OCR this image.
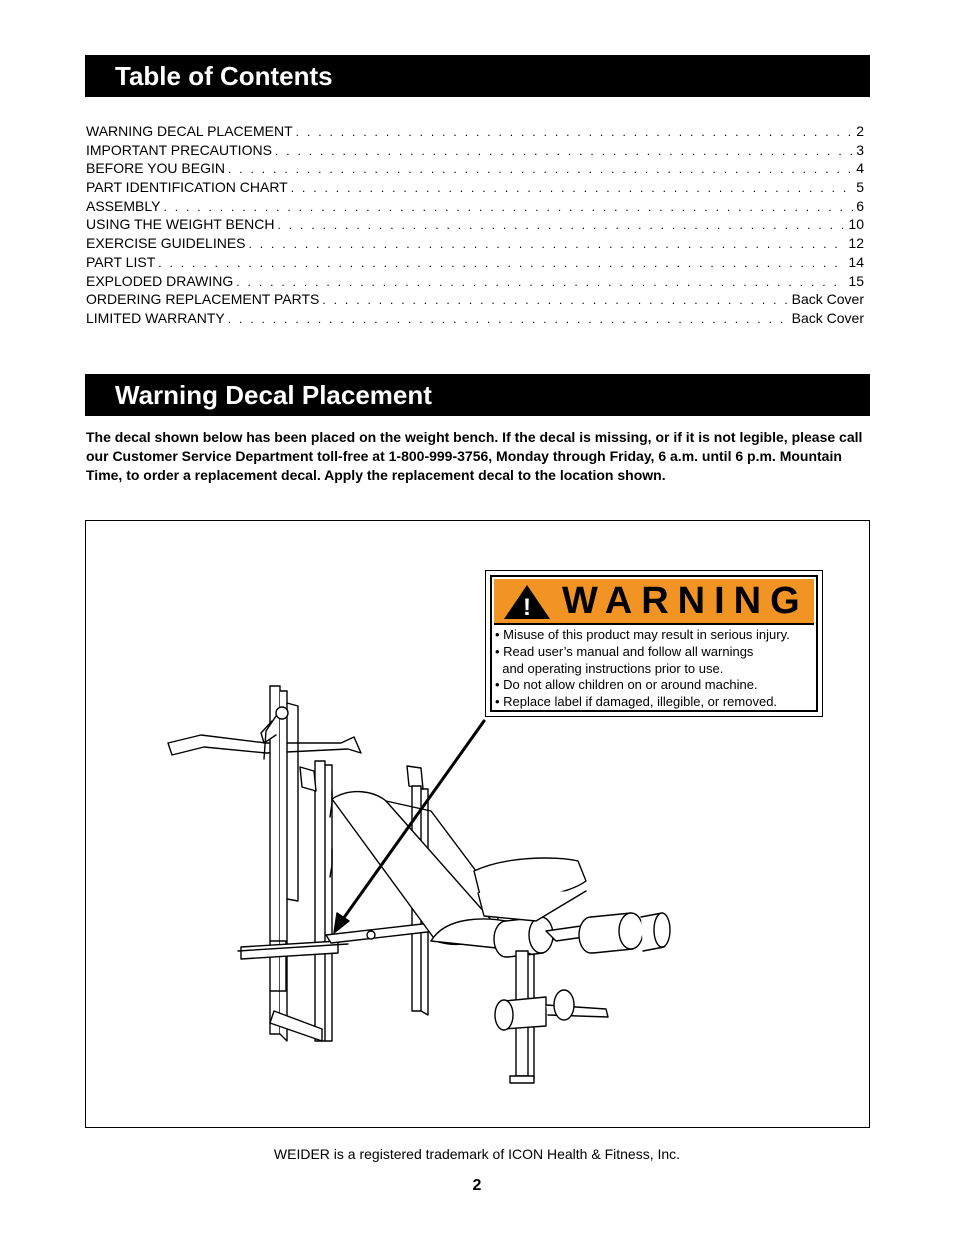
Table of Contents
WARNING DECAL PLACEMENT . . .	2
IMPORTANT PRECAUTIONS . . .	3
BEFORE YOU BEGIN . . .	4
PART IDENTIFICATION CHART . . .	5
ASSEMBLY . . .	6
USING THE WEIGHT BENCH . . .	10
EXERCISE GUIDELINES . . .	12
PART LIST . . .	14
EXPLODED DRAWING . . .	15
ORDERING REPLACEMENT PARTS . . .	Back Cover
LIMITED WARRANTY . . .	Back Cover
Warning Decal Placement

The decal shown below has been placed on the weight bench. If the decal is missing, or if it is not legible, please call our Customer Service Department toll-free at 1-800-999-3756, Monday through Friday, 6 a.m. until 6 p.m. Mountain Time, to order a replacement decal. Apply the replacement decal to the location shown.

! WARNING
• Misuse of this product may result in serious injury.
• Read user’s manual and follow all warnings
and operating instructions prior to use.
• Do not allow children on or around machine.
• Replace label if damaged, illegible, or removed.
WEIDER is a registered trademark of ICON Health & Fitness, Inc.
2
